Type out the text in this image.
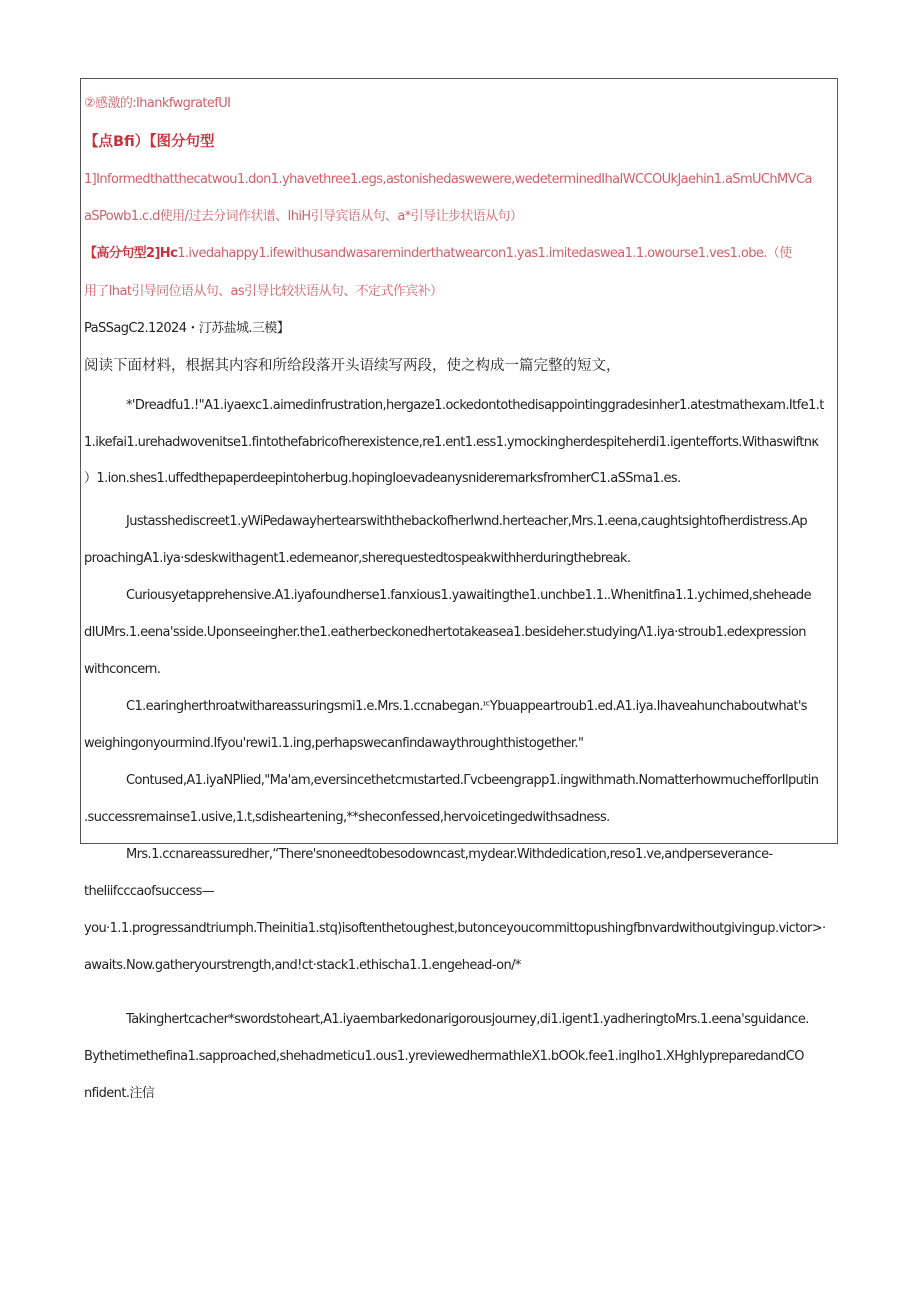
②感激的:IhankfwgratefUI
【点Bfi）【图分句型
1]Informedthatthecatwou1.don1.yhavethree1.egs,astonishedaswewere,wedeterminedIhaIWCCOUkJaehin1.aSmUChMVCa
aSPowb1.c.d使用/过去分词作状谱、IhiH引导宾语从句、a*引导让步状语从句）
【高分句型2]Hc1.ivedahappy1.ifewithusandwasareminderthatwearcon1.yas1.imitedaswea1.1.owourse1.ves1.obe.（使
用了lhat引导同位语从句、as引导比较状语从句、不定式作宾补）
PaSSagC2.12024・汀苏盐城.三模】
阅读下面材料，根据其内容和所给段落开头语续写两段，使之构成一篇完整的短文，
*'Dreadfu1.!"A1.iyaexc1.aimedinfrustration,hergaze1.ockedontothedisappointinggradesinher1.atestmathexam.Itfe1.t
1.ikefai1.urehadwovenitse1.fintothefabricofherexistence,re1.ent1.ess1.ymockingherdespiteherdi1.igentefforts.Withaswiftnκ
）1.ion.shes1.uffedthepaperdeepintoherbug.hopingIoevadeanysnideremarksfromherC1.aSSma1.es.
Justasshediscreet1.yWiPedawayhertearswiththebackofherIwnd.herteacher,Mrs.1.eena,caughtsightofherdistress.Ap
proachingA1.iya·sdeskwithagent1.edemeanor,sherequestedtospeakwithherduringthebreak.
Curiousyetapprehensive.A1.iyafoundherse1.fanxious1.yawaitingthe1.unchbe1.1..Whenitfina1.1.ychimed,sheheade
dIUMrs.1.eena'sside.Uponseeingher.the1.eatherbeckonedhertotakeasea1.besideher.studyingΛ1.iya·stroub1.edexpression
withconcern.
C1.earingherthroatwithareassuringsmi1.e.Mrs.1.ccnabegan.ᶦᶜYbuappeartroub1.ed.A1.iya.Ihaveahunchaboutwhat's
weighingonyourmind.Ifyou'rewi1.1.ing,perhapswecanfindawaythroughthistogether."
Contused,A1.iyaNPlied,"Ma'am,eversincethetcmιstarted.Γvcbeengrapp1.ingwithmath.NomatterhowmuchefforIlputin
.successremainse1.usive,1.t,sdisheartening,**sheconfessed,hervoicetingedwithsadness.
Mrs.1.ccnareassuredher,“There'snoneedtobesodowncast,mydear.Withdedication,reso1.ve,andperseverance-
theIiifcccaofsuccess—
you·1.1.progressandtriumph.Theinitia1.stq)isoftenthetoughest,butonceyoucommittopushingfbnvardwithoutgivingup.victor>·
awaits.Now.gatheryourstrength,and!ct·stack1.ethischa1.1.engehead-on/*
Takinghertcacher*swordstoheart,A1.iyaembarkedonarigorousjourney,di1.igent1.yadheringtoMrs.1.eena'sguidance.
Bythetimethefina1.sapproached,shehadmeticu1.ous1.yreviewedhermathIeX1.bOOk.fee1.ingIho1.XHghIypreparedandCO
nfident.注信
